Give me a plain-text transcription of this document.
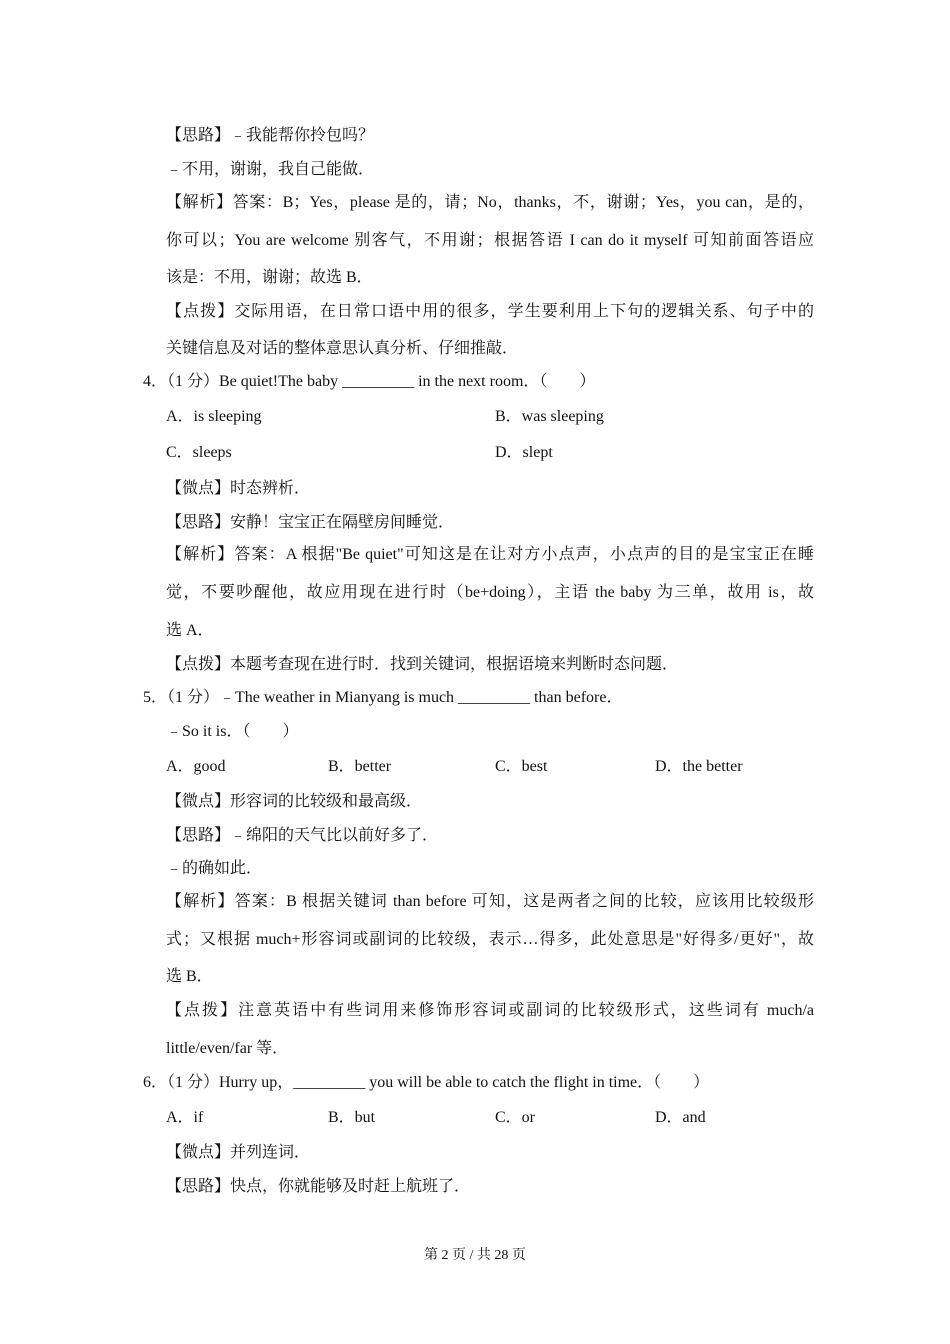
【思路】﹣我能帮你拎包吗？
﹣不用，谢谢，我自己能做．
【解析】答案：B；Yes，please 是的，请；No，thanks，不，谢谢；Yes，you can，是的，
你可以；You are welcome 别客气，不用谢；根据答语 I can do it myself 可知前面答语应
该是：不用，谢谢；故选 B．
【点拨】交际用语，在日常口语中用的很多，学生要利用上下句的逻辑关系、句子中的
关键信息及对话的整体意思认真分析、仔细推敲．
4．（1 分）Be quiet!The baby _________ in the next room．（　　）
A．is sleeping	B．was sleeping
C．sleeps	D．slept
【微点】时态辨析．
【思路】安静！宝宝正在隔壁房间睡觉．
【解析】答案：A 根据"Be quiet"可知这是在让对方小点声，小点声的目的是宝宝正在睡
觉，不要吵醒他，故应用现在进行时（be+doing），主语 the baby 为三单，故用 is，故
选 A．
【点拨】本题考查现在进行时．找到关键词，根据语境来判断时态问题．
5．（1 分）﹣The weather in Mianyang is much _________ than before．
﹣So it is．（　　）
A．good	B．better	C．best	D．the better
【微点】形容词的比较级和最高级．
【思路】﹣绵阳的天气比以前好多了．
﹣的确如此．
【解析】答案：B 根据关键词 than before 可知，这是两者之间的比较，应该用比较级形
式；又根据 much+形容词或副词的比较级，表示…得多，此处意思是"好得多/更好"，故
选 B．
【点拨】注意英语中有些词用来修饰形容词或副词的比较级形式，这些词有 much/a
little/even/far 等．
6．（1 分）Hurry up，_________ you will be able to catch the flight in time．（　　）
A．if	B．but	C．or	D．and
【微点】并列连词．
【思路】快点，你就能够及时赶上航班了．
第 2 页 / 共 28 页
